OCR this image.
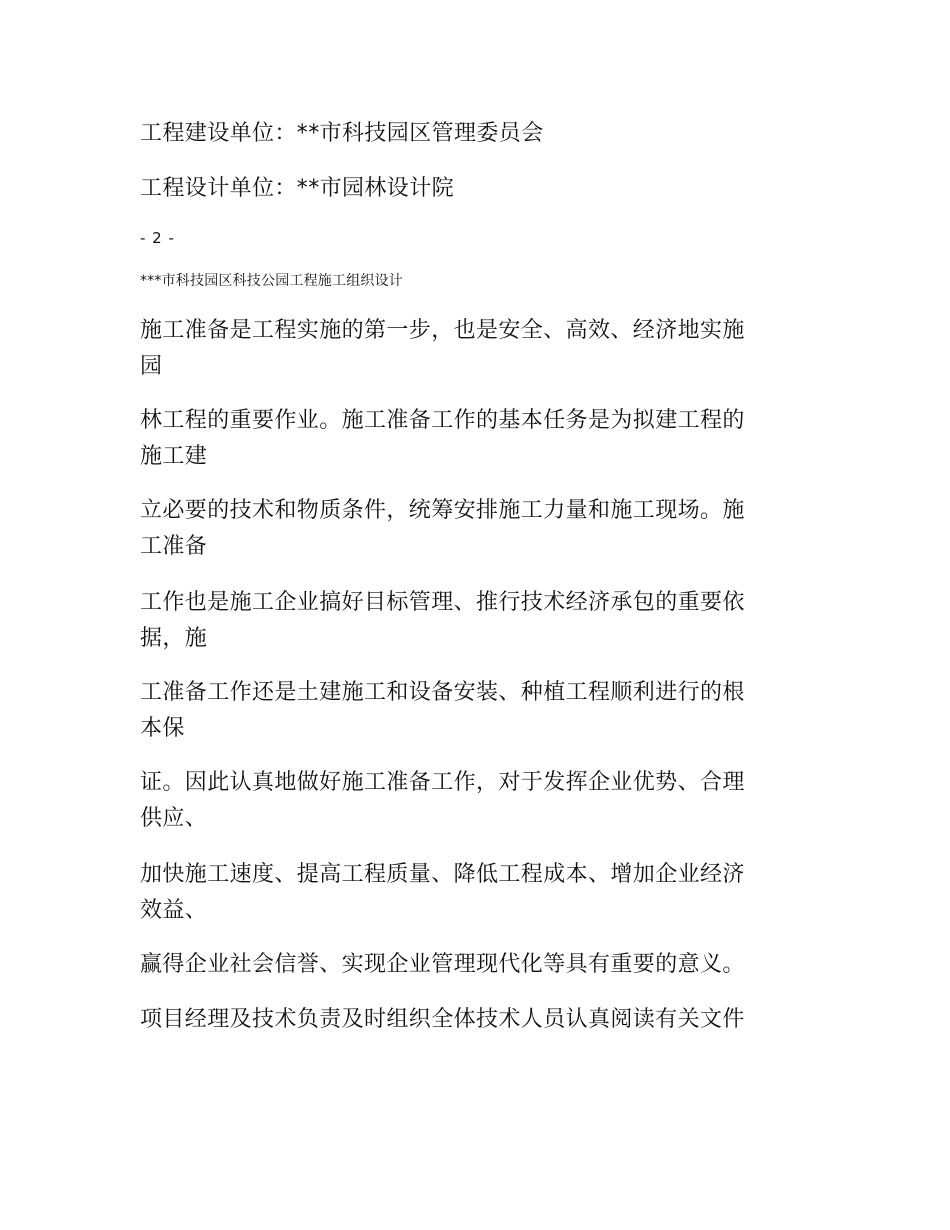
工程建设单位：**市科技园区管理委员会
工程设计单位：**市园林设计院
- 2 -
***市科技园区科技公园工程施工组织设计
施工准备是工程实施的第一步，也是安全、高效、经济地实施
园
林工程的重要作业。施工准备工作的基本任务是为拟建工程的
施工建
立必要的技术和物质条件，统筹安排施工力量和施工现场。施
工准备
工作也是施工企业搞好目标管理、推行技术经济承包的重要依
据，施
工准备工作还是土建施工和设备安装、种植工程顺利进行的根
本保
证。因此认真地做好施工准备工作，对于发挥企业优势、合理
供应、
加快施工速度、提高工程质量、降低工程成本、增加企业经济
效益、
赢得企业社会信誉、实现企业管理现代化等具有重要的意义。
项目经理及技术负责及时组织全体技术人员认真阅读有关文件
